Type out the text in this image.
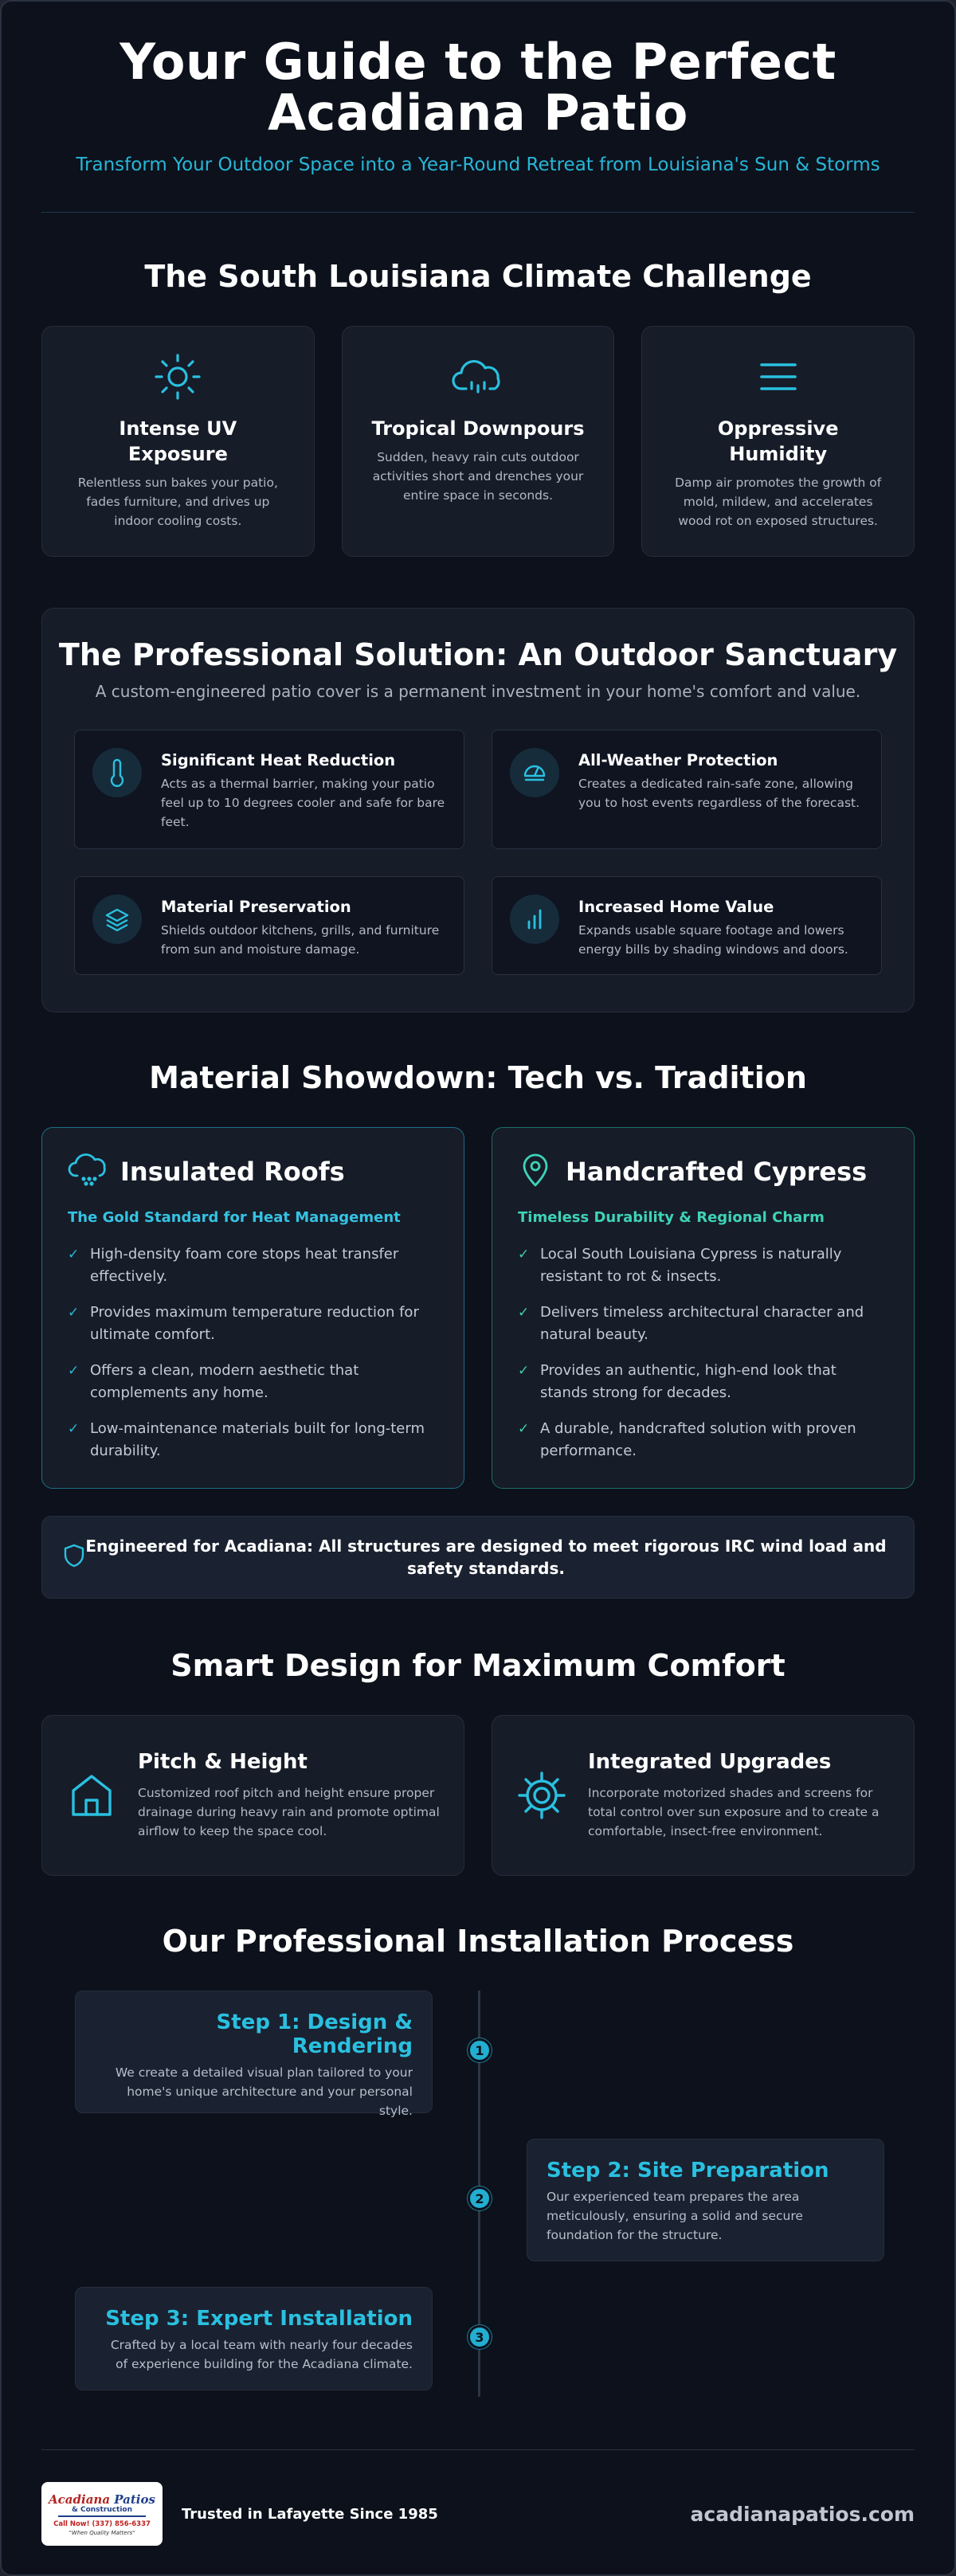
Your Guide to the Perfect
Acadiana Patio
Transform Your Outdoor Space into a Year-Round Retreat from Louisiana's Sun & Storms
The South Louisiana Climate Challenge
Intense UV Exposure

Relentless sun bakes your patio, fades furniture, and drives up indoor cooling costs.

Tropical Downpours

Sudden, heavy rain cuts outdoor activities short and drenches your entire space in seconds.

Oppressive Humidity

Damp air promotes the growth of mold, mildew, and accelerates wood rot on exposed structures.

The Professional Solution: An Outdoor Sanctuary
A custom-engineered patio cover is a permanent investment in your home's comfort and value.
Significant Heat Reduction

Acts as a thermal barrier, making your patio feel up to 10 degrees cooler and safe for bare feet.

All-Weather Protection

Creates a dedicated rain-safe zone, allowing you to host events regardless of the forecast.

Material Preservation

Shields outdoor kitchens, grills, and furniture from sun and moisture damage.

Increased Home Value

Expands usable square footage and lowers energy bills by shading windows and doors.

Material Showdown: Tech vs. Tradition
Insulated Roofs
The Gold Standard for Heat Management
✓ High-density foam core stops heat transfer effectively.
✓ Provides maximum temperature reduction for ultimate comfort.
✓ Offers a clean, modern aesthetic that complements any home.
✓ Low-maintenance materials built for long-term durability.
Handcrafted Cypress
Timeless Durability & Regional Charm
✓ Local South Louisiana Cypress is naturally resistant to rot & insects.
✓ Delivers timeless architectural character and natural beauty.
✓ Provides an authentic, high-end look that stands strong for decades.
✓ A durable, handcrafted solution with proven performance.
Engineered for Acadiana: All structures are designed to meet rigorous IRC wind load and safety standards.
Smart Design for Maximum Comfort
Pitch & Height

Customized roof pitch and height ensure proper drainage during heavy rain and promote optimal airflow to keep the space cool.

Integrated Upgrades

Incorporate motorized shades and screens for total control over sun exposure and to create a comfortable, insect-free environment.

Our Professional Installation Process
Step 1: Design & Rendering

We create a detailed visual plan tailored to your home's unique architecture and your personal style.

1
Step 2: Site Preparation

Our experienced team prepares the area meticulously, ensuring a solid and secure foundation for the structure.

2
Step 3: Expert Installation

Crafted by a local team with nearly four decades of experience building for the Acadiana climate.

3
Acadiana Patios
& Construction
Call Now! (337) 856-6337
"When Quality Matters"
Trusted in Lafayette Since 1985	acadianapatios.com
